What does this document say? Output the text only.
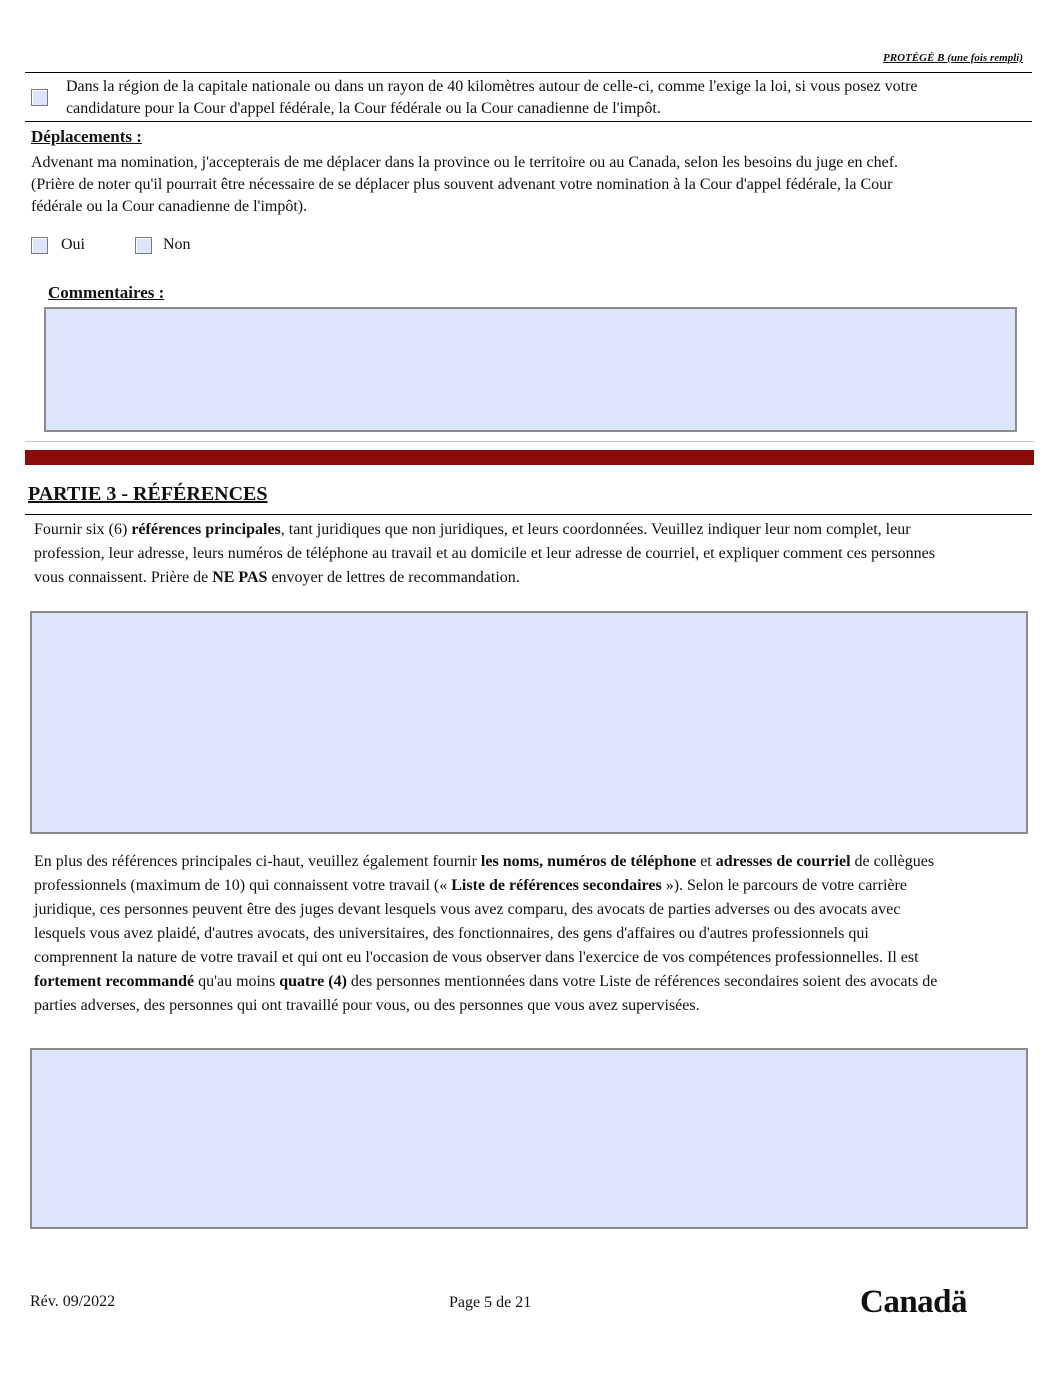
PROTÉGÉ B (une fois rempli)
Dans la région de la capitale nationale ou dans un rayon de 40 kilomètres autour de celle-ci, comme l'exige la loi, si vous posez votre
candidature pour la Cour d'appel fédérale, la Cour fédérale ou la Cour canadienne de l'impôt.
Déplacements :
Advenant ma nomination, j'accepterais de me déplacer dans la province ou le territoire ou au Canada, selon les besoins du juge en chef.
(Prière de noter qu'il pourrait être nécessaire de se déplacer plus souvent advenant votre nomination à la Cour d'appel fédérale, la Cour
fédérale ou la Cour canadienne de l'impôt).
Oui	Non
Commentaires :
PARTIE 3 - RÉFÉRENCES
Fournir six (6) références principales, tant juridiques que non juridiques, et leurs coordonnées. Veuillez indiquer leur nom complet, leur
profession, leur adresse, leurs numéros de téléphone au travail et au domicile et leur adresse de courriel, et expliquer comment ces personnes
vous connaissent. Prière de NE PAS envoyer de lettres de recommandation.
En plus des références principales ci-haut, veuillez également fournir les noms, numéros de téléphone et adresses de courriel de collègues
professionnels (maximum de 10) qui connaissent votre travail (« Liste de références secondaires »). Selon le parcours de votre carrière
juridique, ces personnes peuvent être des juges devant lesquels vous avez comparu, des avocats de parties adverses ou des avocats avec
lesquels vous avez plaidé, d'autres avocats, des universitaires, des fonctionnaires, des gens d'affaires ou d'autres professionnels qui
comprennent la nature de votre travail et qui ont eu l'occasion de vous observer dans l'exercice de vos compétences professionnelles. Il est
fortement recommandé qu'au moins quatre (4) des personnes mentionnées dans votre Liste de références secondaires soient des avocats de
parties adverses, des personnes qui ont travaillé pour vous, ou des personnes que vous avez supervisées.
Rév. 09/2022	Page 5 de 21	Canadä
